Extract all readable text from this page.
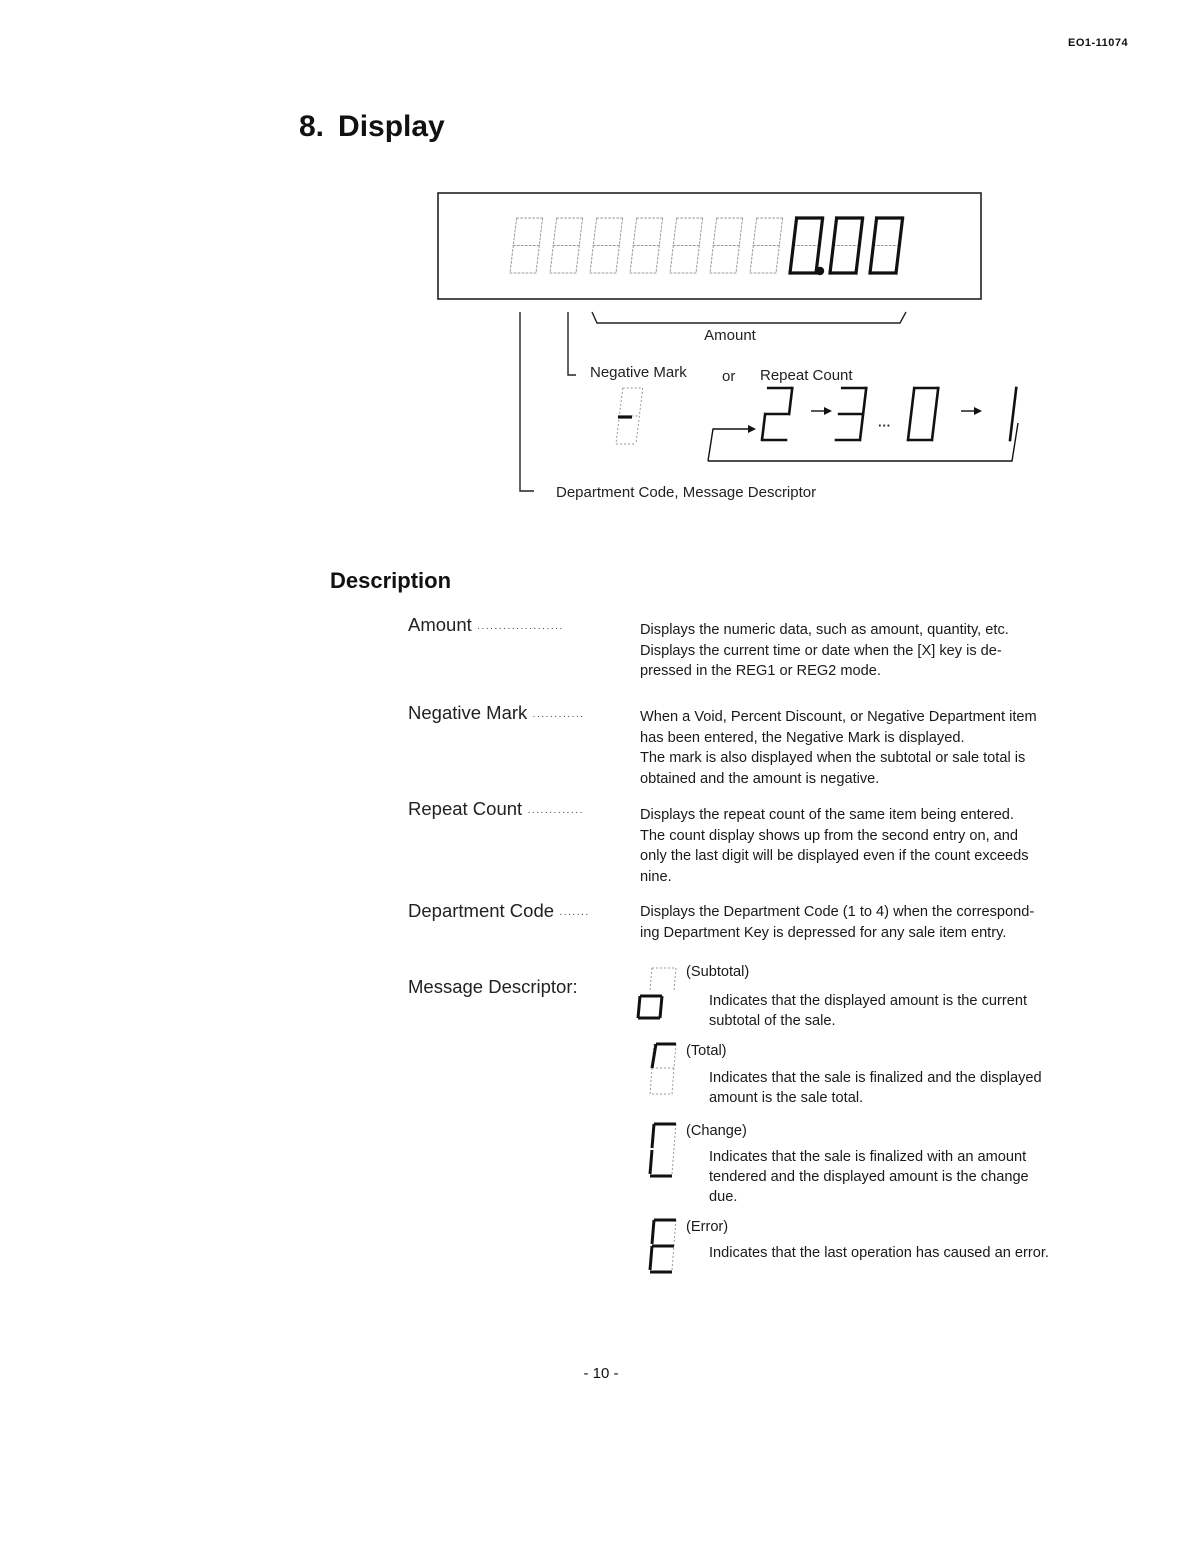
EO1-11074
8. Display
Amount
Negative Mark or Repeat Count
Department Code, Message Descriptor
···
Description
Amount ····················	Displays the numeric data, such as amount, quantity, etc.
Displays the current time or date when the [X] key is de-
pressed in the REG1 or REG2 mode.
Negative Mark ············	When a Void, Percent Discount, or Negative Department item
has been entered, the Negative Mark is displayed.
The mark is also displayed when the subtotal or sale total is
obtained and the amount is negative.
Repeat Count ·············	Displays the repeat count of the same item being entered.
The count display shows up from the second entry on, and
only the last digit will be displayed even if the count exceeds
nine.
Department Code ·······	Displays the Department Code (1 to 4) when the correspond-
ing Department Key is depressed for any sale item entry.
Message Descriptor:
(Subtotal)
Indicates that the displayed amount is the current
subtotal of the sale.
(Total)
Indicates that the sale is finalized and the displayed
amount is the sale total.
(Change)
Indicates that the sale is finalized with an amount
tendered and the displayed amount is the change
due.
(Error)
Indicates that the last operation has caused an error.
- 10 -
